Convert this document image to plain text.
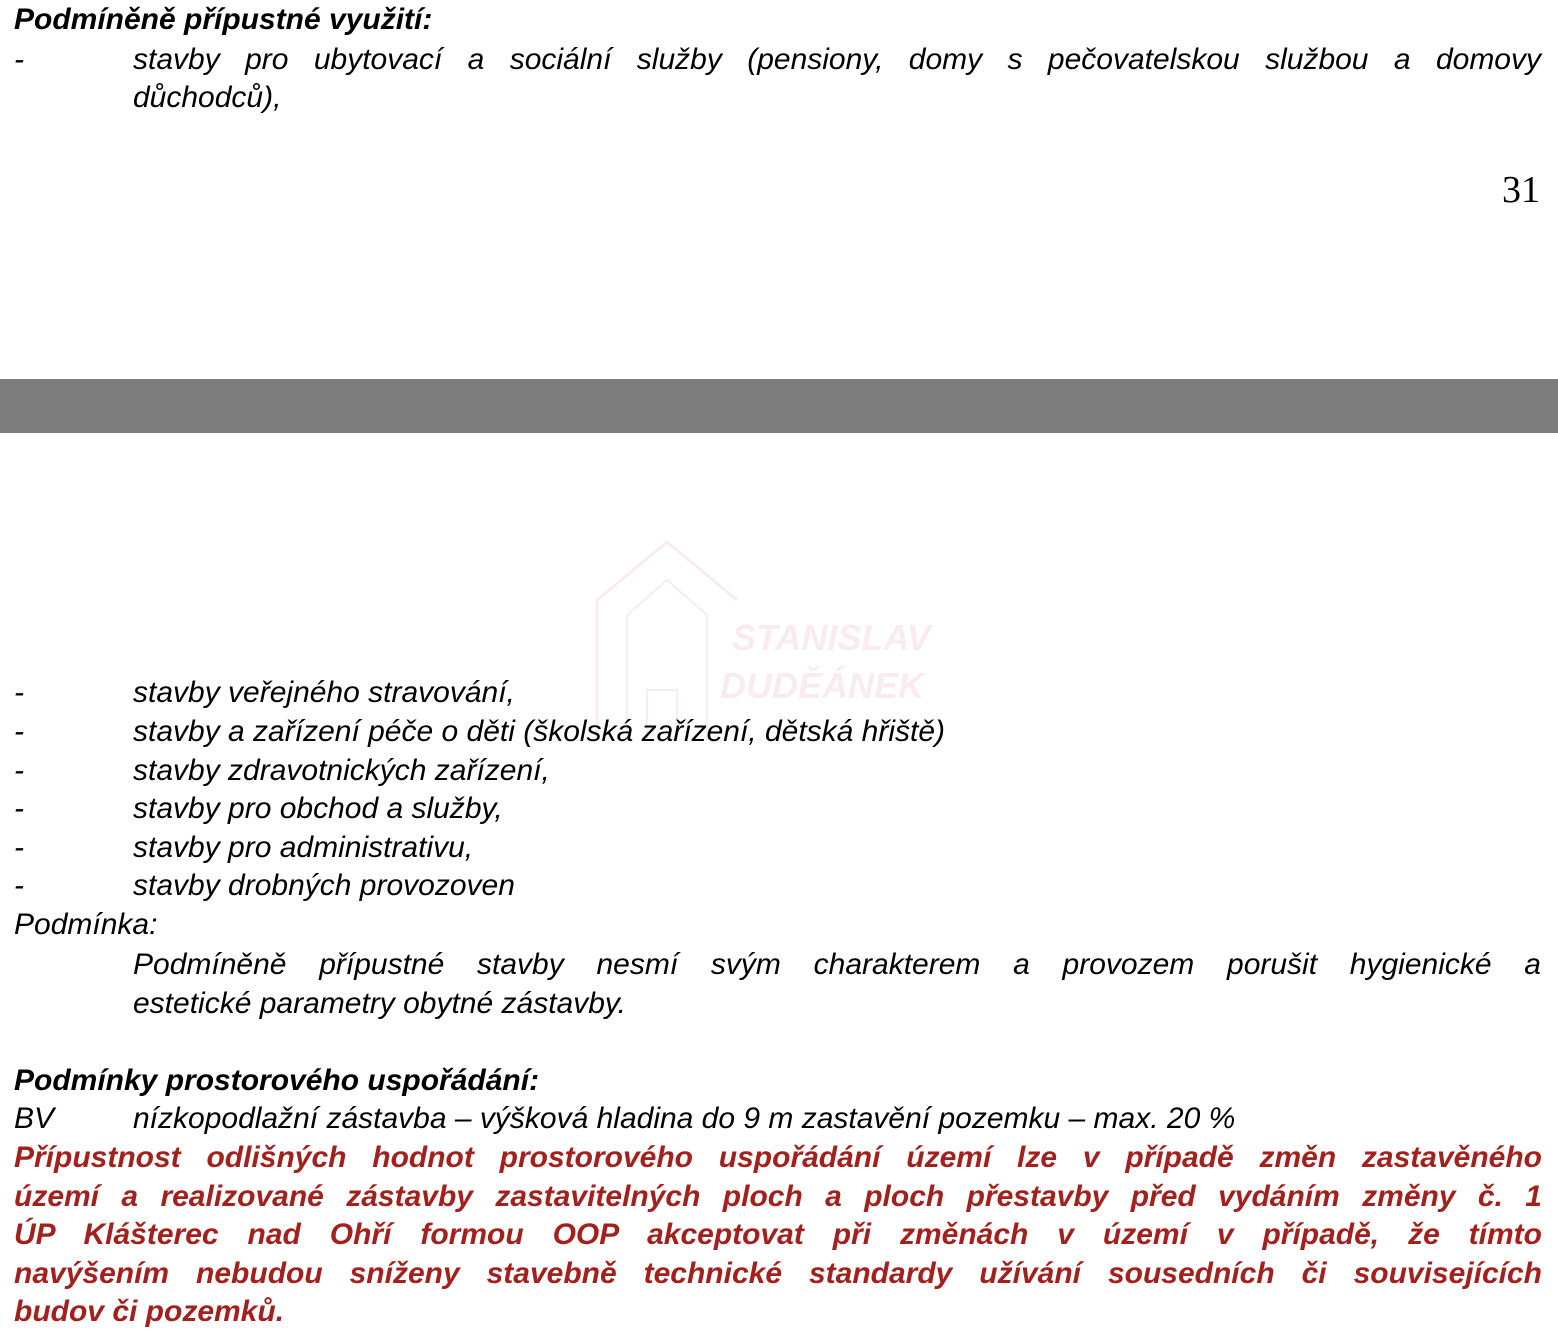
Podmíněně přípustné využití:
-	stavby pro ubytovací a sociální služby (pensiony, domy s pečovatelskou službou a domovy
důchodců),
31
STANISLAV
DUDĚÁNEK
-	stavby veřejného stravování,
-	stavby a zařízení péče o děti (školská zařízení, dětská hřiště)
-	stavby zdravotnických zařízení,
-	stavby pro obchod a služby,
-	stavby pro administrativu,
-	stavby drobných provozoven
Podmínka:
Podmíněně přípustné stavby nesmí svým charakterem a provozem porušit hygienické a
estetické parametry obytné zástavby.
Podmínky prostorového uspořádání:
BV	nízkopodlažní zástavba – výšková hladina do 9 m zastavění pozemku – max. 20 %
Přípustnost odlišných hodnot prostorového uspořádání území lze v případě změn zastavěného
území a realizované zástavby zastavitelných ploch a ploch přestavby před vydáním změny č. 1
ÚP Klášterec nad Ohří formou OOP akceptovat při změnách v území v případě, že tímto
navýšením nebudou sníženy stavebně technické standardy užívání sousedních či souvisejících
budov či pozemků.
